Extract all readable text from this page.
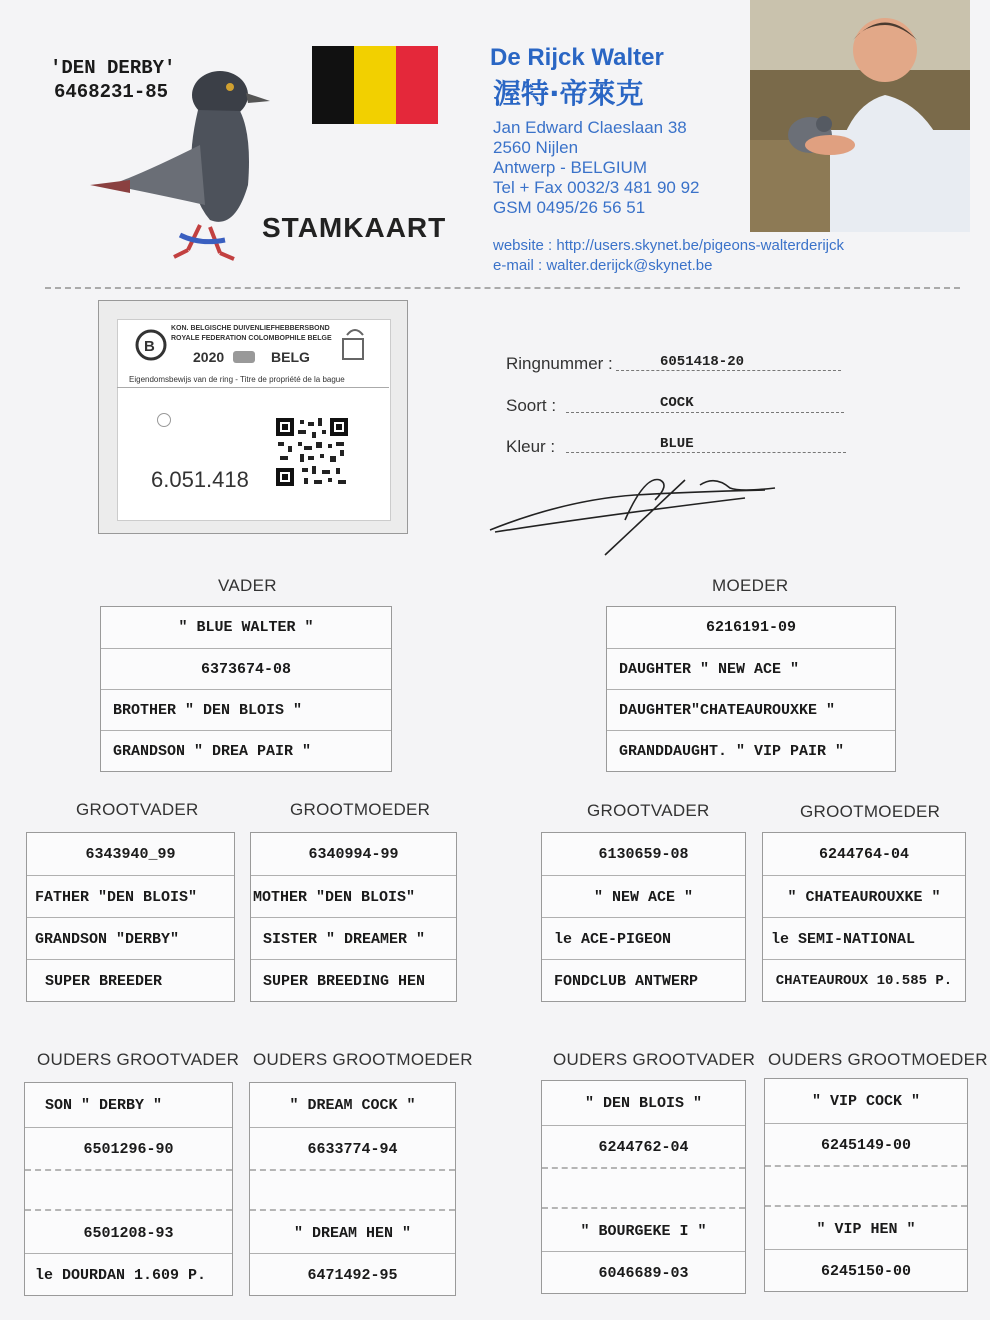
'DEN DERBY'
6468231-85
STAMKAART
De Rijck Walter
渥特·帝萊克
Jan Edward Claeslaan 38
2560 Nijlen
Antwerp - BELGIUM
Tel + Fax 0032/3 481 90 92
GSM 0495/26 56 51
website : http://users.skynet.be/pigeons-walterderijck
e-mail : walter.derijck@skynet.be
B
KON. BELGISCHE DUIVENLIEFHEBBERSBOND
ROYALE FEDERATION COLOMBOPHILE BELGE
2020	BELG
Eigendomsbewijs van de ring - Titre de propriété de la bague
6.051.418
Ringnummer :	6051418-20
Soort :	COCK
Kleur :	BLUE
VADER	MOEDER
" BLUE WALTER "
6373674-08
BROTHER " DEN BLOIS "
GRANDSON " DREA PAIR "
6216191-09
DAUGHTER " NEW ACE "
DAUGHTER"CHATEAUROUXKE "
GRANDDAUGHT. " VIP PAIR "
GROOTVADER	GROOTMOEDER	GROOTVADER	GROOTMOEDER
6343940_99
FATHER "DEN BLOIS"
GRANDSON "DERBY"
SUPER BREEDER
6340994-99
MOTHER "DEN BLOIS"
SISTER " DREAMER "
SUPER BREEDING HEN
6130659-08
" NEW ACE "
le ACE-PIGEON
FONDCLUB ANTWERP
6244764-04
" CHATEAUROUXKE "
le SEMI-NATIONAL
CHATEAUROUX 10.585 P.
OUDERS GROOTVADER OUDERS GROOTMOEDER	OUDERS GROOTVADER OUDERS GROOTMOEDER
SON " DERBY "
6501296-90
6501208-93
le DOURDAN 1.609 P.
" DREAM COCK "
6633774-94
" DREAM HEN "
6471492-95
" DEN BLOIS "
6244762-04
" BOURGEKE I "
6046689-03
" VIP COCK "
6245149-00
" VIP HEN "
6245150-00
